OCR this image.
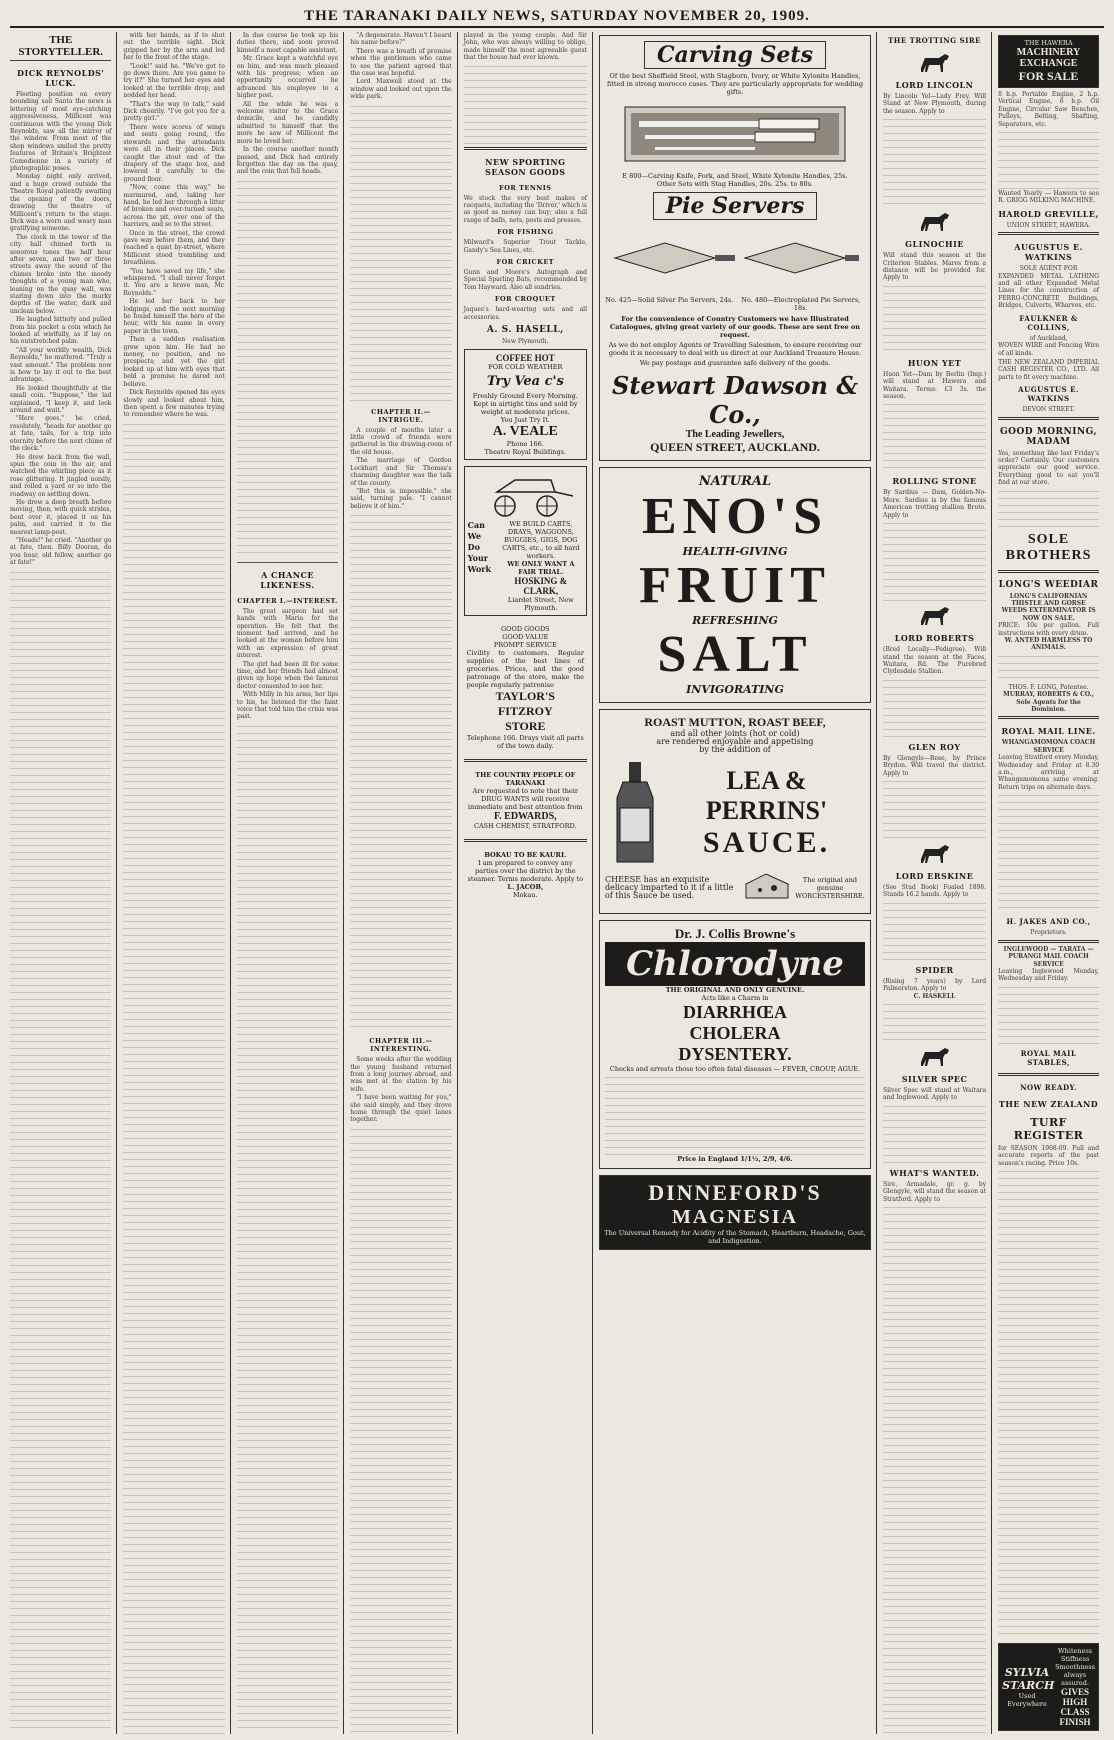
THE TARANAKI DAILY NEWS, SATURDAY NOVEMBER 20, 1909.
THE STORYTELLER.
DICK REYNOLDS' LUCK.

Fleeting position on every bounding sail Santa the news is lettering of most eye-catching aggressiveness, Millicent was continuous with the young Dick Reynolds, saw all the mirror of the window. From most of the shop windows smiled the pretty features of Britain's Brightest Comedienne in a variety of photographic poses.

Monday night only arrived, and a huge crowd outside the Theatre Royal patiently awaiting the opening of the doors, drawing the theatre of Millicent's return to the stage. Dick was a worn and weary man gratifying someone.

The clock in the tower of the city hall chimed forth in sonorous tones the half hour after seven, and two or three streets away the sound of the chimes broke into the moody thoughts of a young man who, leaning on the quay wall, was staring down into the murky depths of the water, dark and unclean below.

He laughed bitterly and pulled from his pocket a coin which he looked at wistfully, as if lay on his outstretched palm.

"All your worldly wealth, Dick Reynolds," he muttered. "Truly a vast amount." The problem now is how to lay it out to the best advantage.

He looked thoughtfully at the small coin. "Suppose," the lad explained, "I keep it, and look around and wait."

"Here goes," he cried, resolutely, "heads for another go at fate, tails, for a trip into eternity before the next chime of the clock."

He drew back from the wall, spun the coin in the air, and watched the whirling piece as it rose glittering. It jingled noisily, and rolled a yard or so into the roadway on settling down.

He drew a deep breath before moving, then, with quick strides, bent over it, placed it on his palm, and carried it to the nearest lamp-post.

"Heads!" he cried. "Another go at fate, then. Billy Dooran, do you hear, old fellow, another go at fate!"

with her hands, as if to shut out the terrible sight. Dick gripped her by the arm and led her to the front of the stage.

"Look!" said he. "We've got to go down there. Are you game to try it?" She turned her eyes and looked at the terrible drop, and nodded her head.

"That's the way to talk," said Dick cheerily. "I've got you for a pretty girl."

There were scores of wings and seats going round, the stewards and the attendants were all in their places. Dick caught the stout end of the drapery of the stage box, and lowered it carefully to the ground floor.

"Now, come this way," he murmured, and, taking her hand, he led her through a litter of broken and over-turned seats, across the pit, over one of the barriers, and so to the street.

Once in the street, the crowd gave way before them, and they reached a quiet by-street, where Millicent stood trembling and breathless.

"You have saved my life," she whispered. "I shall never forget it. You are a brave man, Mr. Reynolds."

He led her back to her lodgings, and the next morning he found himself the hero of the hour, with his name in every paper in the town.

Then a sudden realisation grew upon him. He had no money, no position, and no prospects; and yet the girl looked up at him with eyes that held a promise he dared not believe.

Dick Reynolds opened his eyes slowly and looked about him, then spent a few minutes trying to remember where he was.

In due course he took up his duties there, and soon proved himself a most capable assistant.

Mr. Grace kept a watchful eye on him, and was much pleased with his progress; when an opportunity occurred he advanced his employee to a higher post.

All the while he was a welcome visitor to the Grace domicile, and he candidly admitted to himself that the more he saw of Millicent the more he loved her.

In the course another month passed, and Dick had entirely forgotten the day on the quay, and the coin that fell heads.

A CHANCE LIKENESS.
CHAPTER I.—INTEREST.

The great surgeon had set hands with Maria for the operation. He felt that the moment had arrived, and he looked at the woman before him with an expression of great interest.

The girl had been ill for some time, and her friends had almost given up hope when the famous doctor consented to see her.

With Milly in his arms, her lips to his, he listened for the faint voice that told him the crisis was past.

"A degenerate. Haven't I heard his name before?"

There was a breath of promise when the gentlemen who came to see the patient agreed that the case was hopeful.

Lord Maxwell stood at the window and looked out upon the wide park.

CHAPTER II.—INTRIGUE.

A couple of months later a little crowd of friends were gathered in the drawing-room of the old house.

The marriage of Gordon Lockhart and Sir Thomas's charming daughter was the talk of the county.

"But this is impossible," she said, turning pale. "I cannot believe it of him."

CHAPTER III.—INTERESTING.

Some weeks after the wedding the young husband returned from a long journey abroad, and was met at the station by his wife.

"I have been waiting for you," she said simply, and they drove home through the quiet lanes together.

played in the young couple. And Sir John, who was always willing to oblige, made himself the most agreeable guest that the house had ever known.
NEW SPORTING SEASON GOODS
FOR TENNIS
We stock the very best makes of racquets, including the 'Driver,' which is as good as money can buy; also a full range of balls, nets, posts and presses.
FOR FISHING
Milward's Superior Trout Tackle, Gandy's Sea Lines, etc.
FOR CRICKET
Gunn and Moore's Autograph and Special Sparling Bats, recommended by Tom Hayward. Also all sundries.
FOR CROQUET
Jaques's hard-wearing sets and all accessories.
A. S. HASELL,
New Plymouth.
COFFEE HOT
FOR COLD WEATHER
Try Vea c's
Freshly Ground Every Morning. Kept in airtight tins and sold by weight at moderate prices.
You Just Try It.
A. VEALE
Phone 166.
Theatre Royal Buildings.
Can
We
Do
Your
Work
WE BUILD CARTS, DRAYS, WAGGONS, BUGGIES, GIGS, DOG CARTS, etc., to all hard workers.
WE ONLY WANT A FAIR TRIAL.
HOSKING & CLARK,
Liardet Street, New Plymouth.
GOOD GOODS
GOOD VALUE
PROMPT SERVICE
Civility to customers. Regular supplies of the best lines of groceries. Prices, and the good patronage of the store, make the people regularly patronise
TAYLOR'S
FITZROY
STORE
Telephone 166. Drays visit all parts of the town daily.
THE COUNTRY PEOPLE OF TARANAKI
Are requested to note that their DRUG WANTS will receive immediate and best attention from
F. EDWARDS,
CASH CHEMIST, STRATFORD.
BOKAU TO BE KAURI.
I am prepared to convey any parties over the district by the steamer. Terms moderate. Apply to
L. JACOB,
Mokau.
Carving Sets
Of the best Sheffield Steel, with Stagborn, Ivory, or White Xylonite Handles, fitted in strong morocco cases. They are particularly appropriate for wedding gifts.
E 800—Carving Knife, Fork, and Steel, White Xylonite Handles, 25s.
Other Sets with Stag Handles, 20s. 25s. to 80s.
Pie Servers
No. 425—Solid Silver Pie Servers, 24s.	No. 480—Electroplated Pie Servers, 18s.
For the convenience of Country Customers we have Illustrated Catalogues, giving great variety of our goods. These are sent free on request.
As we do not employ Agents or Travelling Salesmen, to ensure receiving our goods it is necessary to deal with us direct at our Auckland Treasure House.
We pay postage and guarantee safe delivery of the goods.
Stewart Dawson & Co.,
The Leading Jewellers,
QUEEN STREET, AUCKLAND.
NATURAL
ENO'S
HEALTH-GIVING
FRUIT
REFRESHING
SALT
INVIGORATING
ROAST MUTTON, ROAST BEEF,
and all other joints (hot or cold)
are rendered enjoyable and appetising
by the addition of
LEA & PERRINS'
SAUCE.
CHEESE has an exquisite delicacy imparted to it if a little of this Sauce be used.
The original and genuine WORCESTERSHIRE.
Dr. J. Collis Browne's
Chlorodyne
THE ORIGINAL AND ONLY GENUINE.
Acts like a Charm in
DIARRHŒA
CHOLERA
DYSENTERY.
Checks and arrests those too often fatal diseases — FEVER, CROUP, AGUE.
Price in England 1/1½, 2/9, 4/6.
DINNEFORD'S
MAGNESIA
The Universal Remedy for Acidity of the Stomach, Heartburn, Headache, Gout, and Indigestion.
THE TROTTING SIRE
LORD LINCOLN
By Lincoln Yel—Lady Frey. Will Stand at New Plymouth, during the season. Apply to
GLINOCHIE
Will stand this season at the Criterion Stables. Mares from a distance will be provided for. Apply to
HUON YET
Huon Yet—Dam by Berlin (Imp.) will stand at Hawera and Waitara. Terms: £3 3s. the season.
ROLLING STONE
By Sardius — Dam, Golden-No-More. Sardius is by the famous American trotting stallion Bruto. Apply to
LORD ROBERTS
(Bred Locally—Pedigree). Will stand the season at the Faces, Waitara, Rd. The Purebred Clydesdale Stallion.
GLEN ROY
By Glengyle—Rose, by Prince Brydon. Will travel the district. Apply to
LORD ERSKINE
(See Stud Book) Foaled 1896. Stands 16.2 hands. Apply to
SPIDER
(Rising 7 years) by Lord Palmerston. Apply to
C. HASKELL
SILVER SPEC
Silver Spec will stand at Waitara and Inglewood. Apply to
WHAT'S WANTED.
Sire, Armadale, gr. g. by Glengyle, will stand the season at Stratford. Apply to
THE HAWERA
MACHINERY EXCHANGE
FOR SALE
8 h.p. Portable Engine, 2 h.p. Vertical Engine, 6 h.p. Oil Engine, Circular Saw Benches, Pulleys, Belting, Shafting, Separators, etc.
Wanted Yearly — Hawera to see R. GRIGG MILKING MACHINE.
HAROLD GREVILLE,
UNION STREET, HAWERA.
AUGUSTUS E. WATKINS
SOLE AGENT FOR
EXPANDED METAL LATHING and all other Expanded Metal Lines for the construction of FERRO-CONCRETE Buildings, Bridges, Culverts, Wharves, etc.
FAULKNER & COLLINS,
of Auckland,
WOVEN WIRE and Fencing Wire of all kinds.
THE NEW ZEALAND IMPERIAL CASH REGISTER CO., LTD. All parts to fit every machine.
AUGUSTUS E. WATKINS
DEVON STREET.
GOOD MORNING, MADAM
Yes, something like last Friday's order? Certainly. Our customers appreciate our good service. Everything good to eat you'll find at our store.
SOLE BROTHERS
LONG'S WEEDIAR
LONG'S CALIFORNIAN THISTLE AND GORSE WEEDS EXTERMINATOR IS NOW ON SALE.
PRICE: 10s per gallon. Full instructions with every drum.
W. ANTED HARMLESS TO ANIMALS.
THOS. F. LONG, Patentee.
MURRAY, ROBERTS & CO., Sole Agents for the Dominion.
ROYAL MAIL LINE.
WHANGAMOMONA COACH SERVICE
Leaving Stratford every Monday, Wednesday and Friday at 8.30 a.m., arriving at Whangamomona same evening. Return trips on alternate days.
H. JAKES AND CO.,
Proprietors.
INGLEWOOD — TARATA — PURANGI MAIL COACH SERVICE
Leaving Inglewood Monday, Wednesday and Friday.
ROYAL MAIL STABLES,
NOW READY.
THE NEW ZEALAND
TURF REGISTER
for SEASON 1908-09. Full and accurate reports of the past season's racing. Price 10s.
SYLVIA
STARCH
Used Everywhere
Whiteness Stiffness Smoothness always assured.
GIVES HIGH CLASS FINISH
